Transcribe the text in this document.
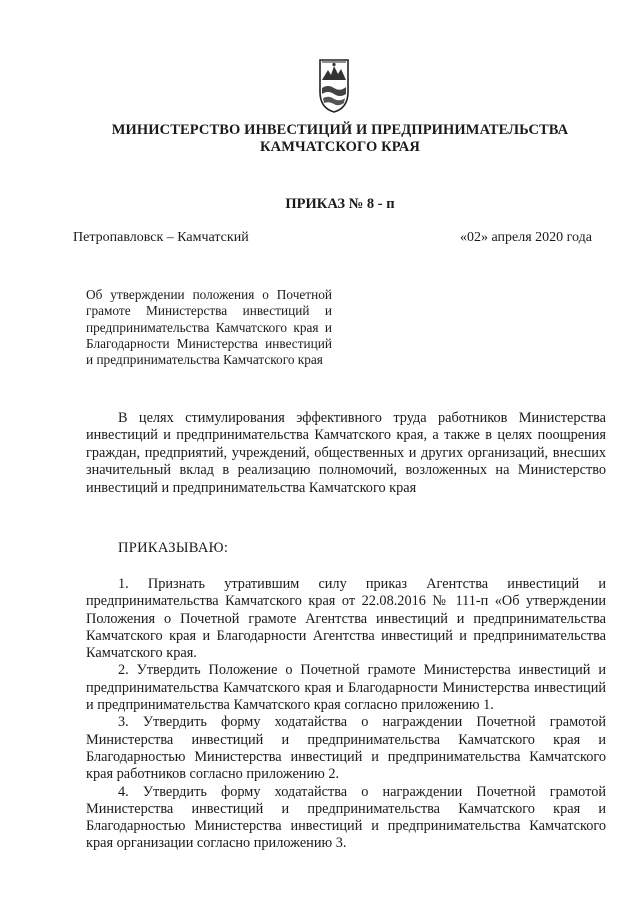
МИНИСТЕРСТВО ИНВЕСТИЦИЙ И ПРЕДПРИНИМАТЕЛЬСТВА
КАМЧАТСКОГО КРАЯ
ПРИКАЗ № 8 - п
Петропавловск – Камчатский	«02» апреля 2020 года
Об утверждении положения о Почетной грамоте Министерства инвестиций и предпринимательства Камчатского края и Благодарности Министерства инвестиций и предпринимательства Камчатского края

В целях стимулирования эффективного труда работников Министерства инвестиций и предпринимательства Камчатского края, а также в целях поощрения граждан, предприятий, учреждений, общественных и других организаций, внесших значительный вклад в реализацию полномочий, возложенных на Министерство инвестиций и предпринимательства Камчатского края

ПРИКАЗЫВАЮ:

1. Признать утратившим силу приказ Агентства инвестиций и предпринимательства Камчатского края от 22.08.2016 № 111-п «Об утверждении Положения о Почетной грамоте Агентства инвестиций и предпринимательства Камчатского края и Благодарности Агентства инвестиций и предпринимательства Камчатского края.

2. Утвердить Положение о Почетной грамоте Министерства инвестиций и предпринимательства Камчатского края и Благодарности Министерства инвестиций и предпринимательства Камчатского края согласно приложению 1.

3. Утвердить форму ходатайства о награждении Почетной грамотой Министерства инвестиций и предпринимательства Камчатского края и Благодарностью Министерства инвестиций и предпринимательства Камчатского края работников согласно приложению 2.

4. Утвердить форму ходатайства о награждении Почетной грамотой Министерства инвестиций и предпринимательства Камчатского края и Благодарностью Министерства инвестиций и предпринимательства Камчатского края организации согласно приложению 3.
